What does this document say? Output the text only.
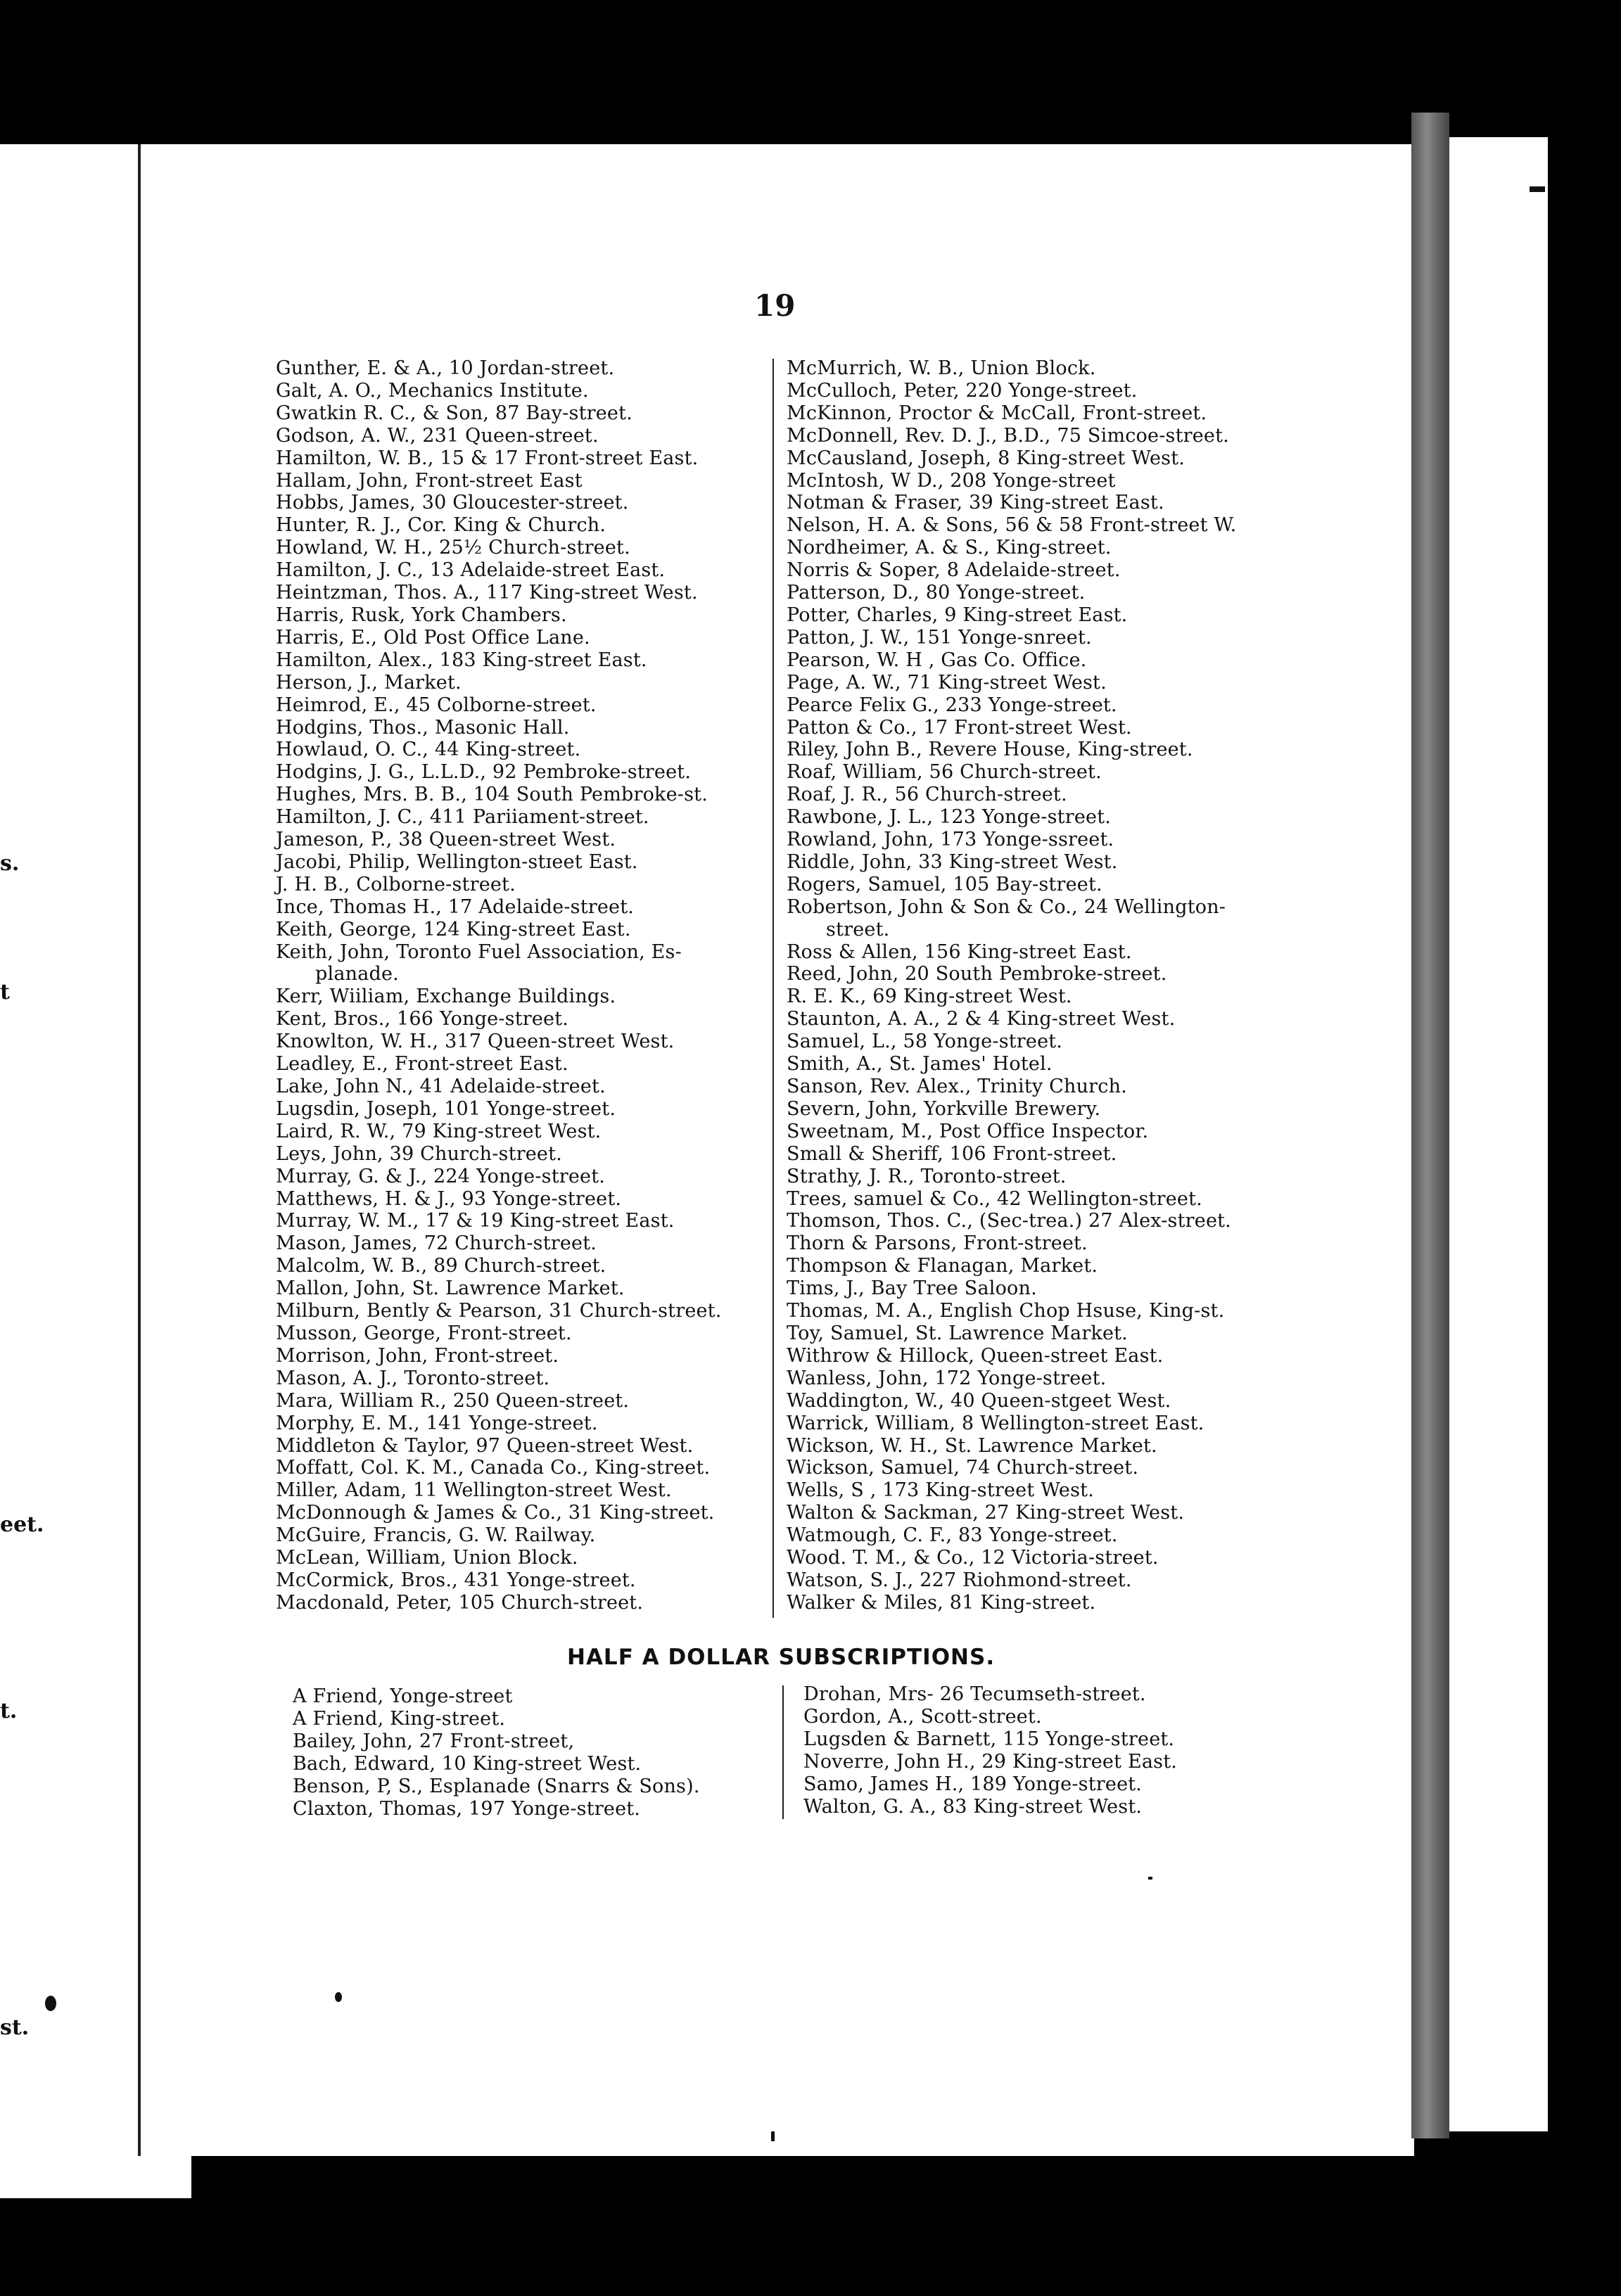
s.
t
eet.
t.
st.
19
Gunther, E. & A., 10 Jordan-street.
Galt, A. O., Mechanics Institute.
Gwatkin R. C., & Son, 87 Bay-street.
Godson, A. W., 231 Queen-street.
Hamilton, W. B., 15 & 17 Front-street East.
Hallam, John, Front-street East
Hobbs, James, 30 Gloucester-street.
Hunter, R. J., Cor. King & Church.
Howland, W. H., 25½ Church-street.
Hamilton, J. C., 13 Adelaide-street East.
Heintzman, Thos. A., 117 King-street West.
Harris, Rusk, York Chambers.
Harris, E., Old Post Office Lane.
Hamilton, Alex., 183 King-street East.
Herson, J., Market.
Heimrod, E., 45 Colborne-street.
Hodgins, Thos., Masonic Hall.
Howlaud, O. C., 44 King-street.
Hodgins, J. G., L.L.D., 92 Pembroke-street.
Hughes, Mrs. B. B., 104 South Pembroke-st.
Hamilton, J. C., 411 Pariiament-street.
Jameson, P., 38 Queen-street West.
Jacobi, Philip, Wellington-stɪeet East.
J. H. B., Colborne-street.
Ince, Thomas H., 17 Adelaide-street.
Keith, George, 124 King-street East.
Keith, John, Toronto Fuel Association, Es-
planade.
Kerr, Wiiliam, Exchange Buildings.
Kent, Bros., 166 Yonge-street.
Knowlton, W. H., 317 Queen-street West.
Leadley, E., Front-street East.
Lake, John N., 41 Adelaide-street.
Lugsdin, Joseph, 101 Yonge-street.
Laird, R. W., 79 King-street West.
Leys, John, 39 Church-street.
Murray, G. & J., 224 Yonge-street.
Matthews, H. & J., 93 Yonge-street.
Murray, W. M., 17 & 19 King-street East.
Mason, James, 72 Church-street.
Malcolm, W. B., 89 Church-street.
Mallon, John, St. Lawrence Market.
Milburn, Bently & Pearson, 31 Church-street.
Musson, George, Front-street.
Morrison, John, Front-street.
Mason, A. J., Toronto-street.
Mara, William R., 250 Queen-street.
Morphy, E. M., 141 Yonge-street.
Middleton & Taylor, 97 Queen-street West.
Moffatt, Col. K. M., Canada Co., King-street.
Miller, Adam, 11 Wellington-street West.
McDonnough & James & Co., 31 King-street.
McGuire, Francis, G. W. Railway.
McLean, William, Union Block.
McCormick, Bros., 431 Yonge-street.
Macdonald, Peter, 105 Church-street.
McMurrich, W. B., Union Block.
McCulloch, Peter, 220 Yonge-street.
McKinnon, Proctor & McCall, Front-street.
McDonnell, Rev. D. J., B.D., 75 Simcoe-street.
McCausland, Joseph, 8 King-street West.
McIntosh, W D., 208 Yonge-street
Notman & Fraser, 39 King-street East.
Nelson, H. A. & Sons, 56 & 58 Front-street W.
Nordheimer, A. & S., King-street.
Norris & Soper, 8 Adelaide-street.
Patterson, D., 80 Yonge-street.
Potter, Charles, 9 King-street East.
Patton, J. W., 151 Yonge-snreet.
Pearson, W. H , Gas Co. Office.
Page, A. W., 71 King-street West.
Pearce Felix G., 233 Yonge-street.
Patton & Co., 17 Front-street West.
Riley, John B., Revere House, King-street.
Roaf, William, 56 Church-street.
Roaf, J. R., 56 Church-street.
Rawbone, J. L., 123 Yonge-street.
Rowland, John, 173 Yonge-ssreet.
Riddle, John, 33 King-street West.
Rogers, Samuel, 105 Bay-street.
Robertson, John & Son & Co., 24 Wellington-
street.
Ross & Allen, 156 King-street East.
Reed, John, 20 South Pembroke-street.
R. E. K., 69 King-street West.
Staunton, A. A., 2 & 4 King-street West.
Samuel, L., 58 Yonge-street.
Smith, A., St. James' Hotel.
Sanson, Rev. Alex., Trinity Church.
Severn, John, Yorkville Brewery.
Sweetnam, M., Post Office Inspector.
Small & Sheriff, 106 Front-street.
Strathy, J. R., Toronto-street.
Trees, samuel & Co., 42 Wellington-street.
Thomson, Thos. C., (Sec-trea.) 27 Alex-street.
Thorn & Parsons, Front-street.
Thompson & Flanagan, Market.
Tims, J., Bay Tree Saloon.
Thomas, M. A., English Chop Hsuse, King-st.
Toy, Samuel, St. Lawrence Market.
Withrow & Hillock, Queen-street East.
Wanless, John, 172 Yonge-street.
Waddington, W., 40 Queen-stgeet West.
Warrick, William, 8 Wellington-street East.
Wickson, W. H., St. Lawrence Market.
Wickson, Samuel, 74 Church-street.
Wells, S , 173 King-street West.
Walton & Sackman, 27 King-street West.
Watmough, C. F., 83 Yonge-street.
Wood. T. M., & Co., 12 Victoria-street.
Watson, S. J., 227 Riohmond-street.
Walker & Miles, 81 King-street.
HALF A DOLLAR SUBSCRIPTIONS.
A Friend, Yonge-street
A Friend, King-street.
Bailey, John, 27 Front-street,
Bach, Edward, 10 King-street West.
Benson, P, S., Esplanade (Snarrs & Sons).
Claxton, Thomas, 197 Yonge-street.
Drohan, Mrs- 26 Tecumseth-street.
Gordon, A., Scott-street.
Lugsden & Barnett, 115 Yonge-street.
Noverre, John H., 29 King-street East.
Samo, James H., 189 Yonge-street.
Walton, G. A., 83 King-street West.
